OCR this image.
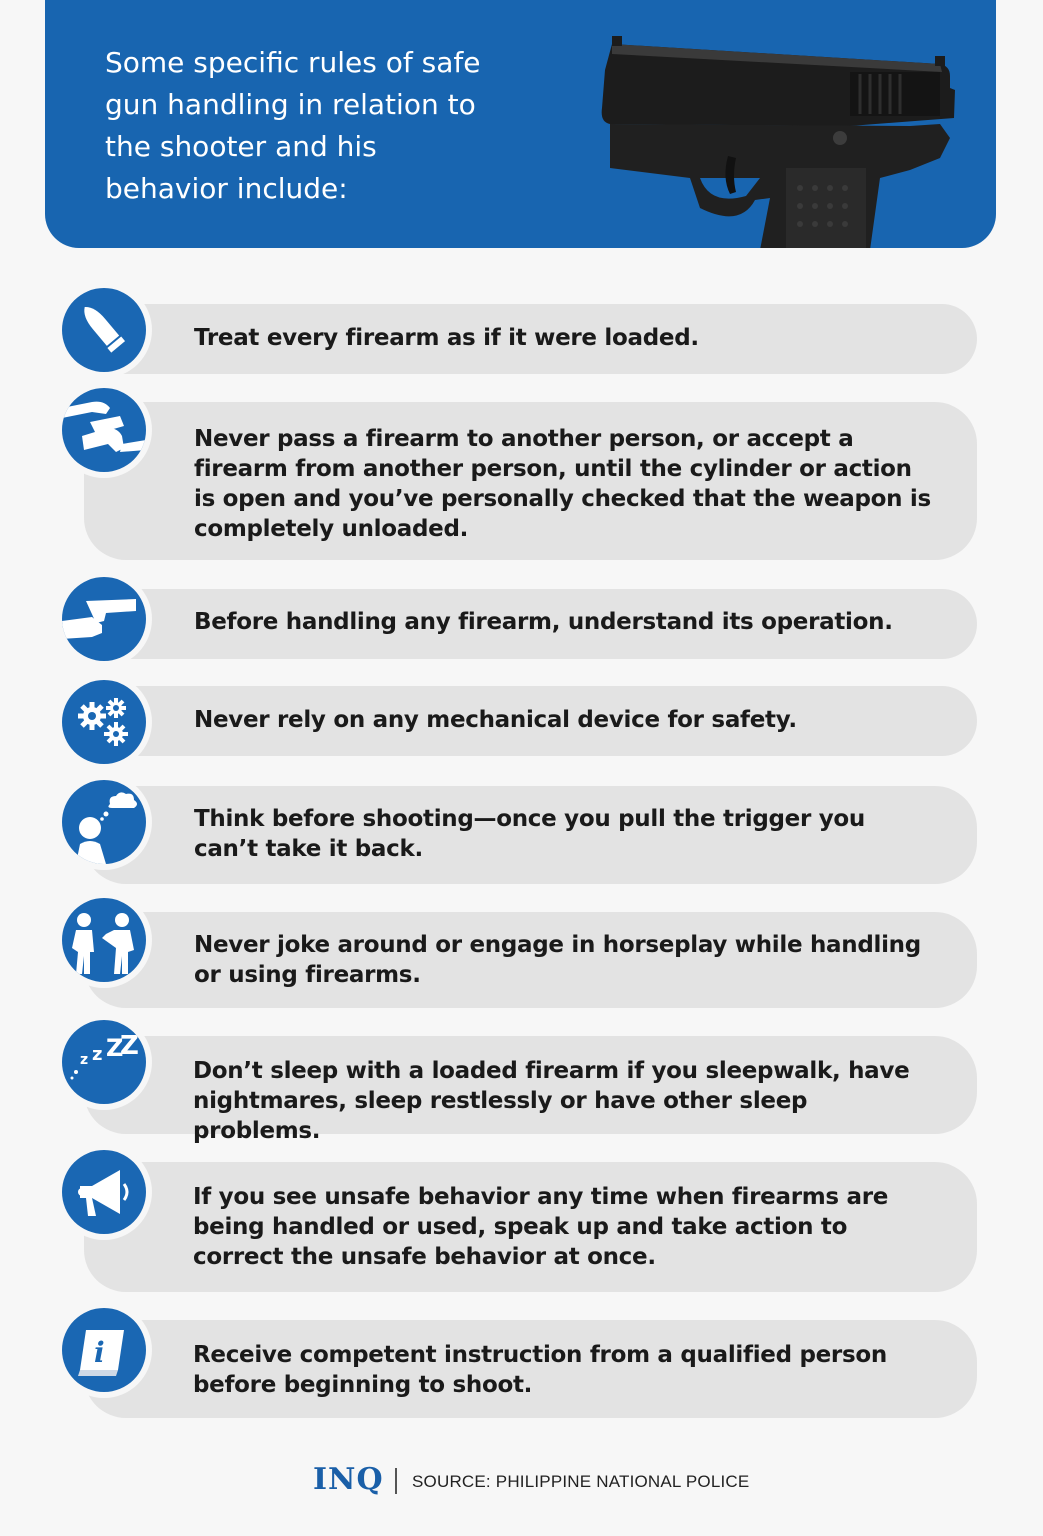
Some specific rules of safe gun handling in relation to the shooter and his behavior include:
Treat every firearm as if it were loaded.
Never pass a firearm to another person, or accept a firearm from another person, until the cylinder or action is open and you’ve personally checked that the weapon is completely unloaded.
Before handling any firearm, understand its operation.
Never rely on any mechanical device for safety.
Think before shooting—once you pull the trigger you can’t take it back.
Never joke around or engage in horseplay while handling or using firearms.
Don’t sleep with a loaded firearm if you sleepwalk, have nightmares, sleep restlessly or have other sleep problems.
z z Z
Z
If you see unsafe behavior any time when firearms are being handled or used, speak up and take action to correct the unsafe behavior at once.
Receive competent instruction from a qualified person before beginning to shoot.
i
INQ SOURCE: PHILIPPINE NATIONAL POLICE
